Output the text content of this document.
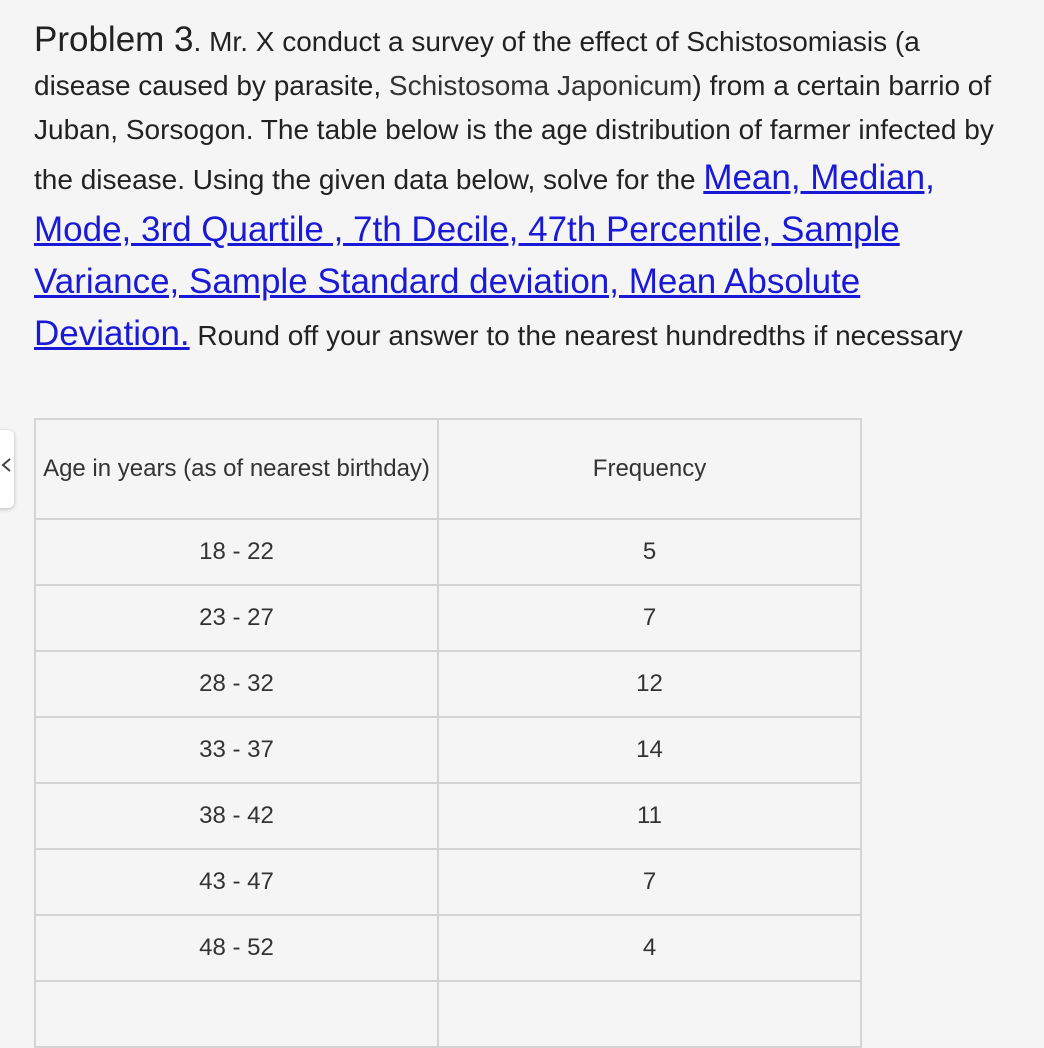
Problem 3. Mr. X conduct a survey of the effect of Schistosomiasis (a disease caused by parasite, Schistosoma Japonicum) from a certain barrio of Juban, Sorsogon. The table below is the age distribution of farmer infected by the disease. Using the given data below, solve for the Mean, Median, Mode, 3rd Quartile , 7th Decile, 47th Percentile, Sample Variance, Sample Standard deviation, Mean Absolute Deviation. Round off your answer to the nearest hundredths if necessary
Age in years (as of nearest birthday)	Frequency
18 - 22	5
23 - 27	7
28 - 32	12
33 - 37	14
38 - 42	11
43 - 47	7
48 - 52	4
